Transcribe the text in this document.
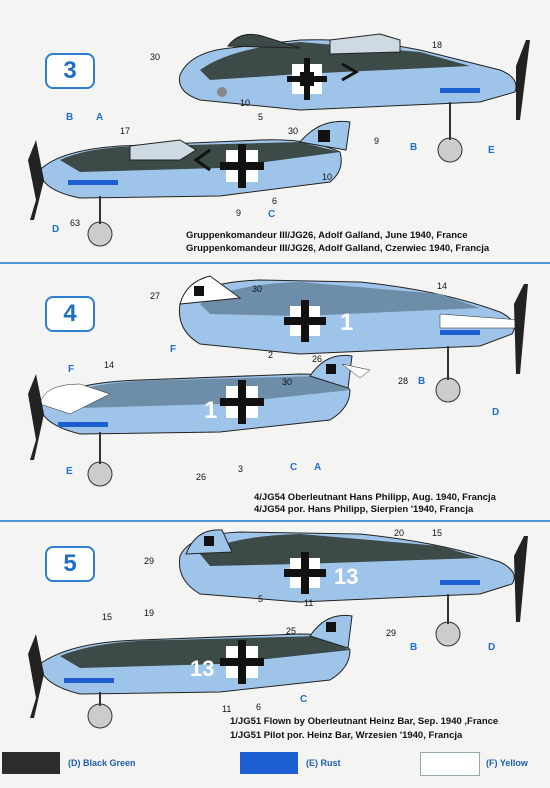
3	30
18
10
5
9
B	E
B A
17	30
10
6
9	C
D
63
Gruppenkomandeur III/JG26, Adolf Galland, June 1940, France
Gruppenkomandeur III/JG26, Adolf Galland, Czerwiec 1940, Francja
4	1
1
27
30	14
F	2	26
B
F	14
30	28
D
E	26
3	C A
4/JG54 Oberleutnant Hans Philipp, Aug. 1940, Francja
4/JG54 por. Hans Philipp, Sierpien '1940, Francja
5	13
13
29
20	15
5	11
B	D
15	19
25	29
11	6
C
1/JG51 Flown by Oberleutnant Heinz Bar, Sep. 1940 ,France
1/JG51 Pilot por. Heinz Bar, Wrzesien '1940, Francja
(D) Black Green	(E) Rust	(F) Yellow
